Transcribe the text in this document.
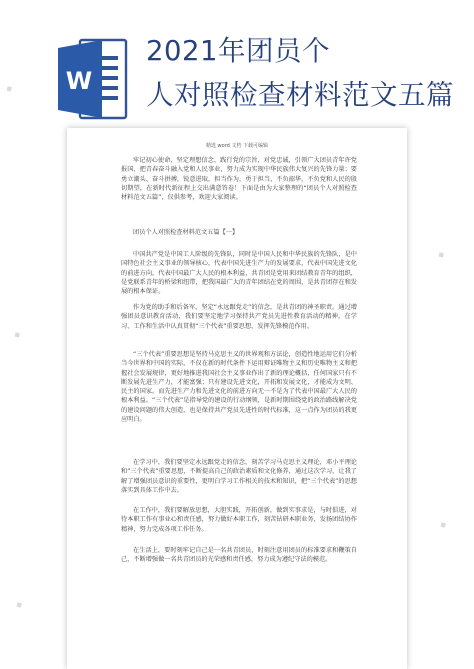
◆
◆
◆
◆
◆
W
2021年团员个
人对照检查材料范文五篇
精选 word 文档 下载可编辑

牢记初心使命、坚定理想信念、践行党的宗旨，对党忠诚，引领广大团员青年许党报国、把青春奋斗融入党和人民事业，努力成为实现中华民族伟大复兴的先锋力量；要勇立潮头、奋斗拼搏，锐意进取，担当作为，勇于担当，不负韶华，不负党和人民的殷切期望，在新时代新征程上交出满意答卷！下面是由为大家整理的“团员个人对照检查材料范文五篇”，仅供参考，欢迎大家阅读。

团员个人对照检查材料范文五篇【一】

中国共产党是中国工人阶级的先锋队，同时是中国人民和中华民族的先锋队，是中国特色社会主义事业的领导核心，代表中国先进生产力的发展要求，代表中国先进文化的前进方向，代表中国最广大人民的根本利益，共青团是党用来团结教育青年的组织，是党联系青年的桥梁和纽带，把我国最广大的青年团结在党的周围，是共青团存在和发展的根本保证。

作为党的助手和后备军，坚定“永远跟党走”的信念，是共青团的神圣职责。通过增强团员意识教育活动，我们要坚定地学习保持共产党员先进性教育活动的精神，在学习、工作和生活中认真贯彻“三个代表”重要思想，发挥先锋模范作用。

“三个代表”重要思想是坚持马克思主义的世界观和方法论，创造性地运用它们分析当今世界和中国的实际，不仅在新的时代条件下运用辩证唯物主义和历史唯物主义和把握社会发展规律，更好地推进我国社会主义事业作出了新的理论概括，任何国家只有不断发展先进生产力，才能富强；只有建设先进文化，开拓和发展文化，才能成为文明、民主的国家。而先进生产力和先进文化的前进方向无一不是为了代表中国最广大人民的根本利益。“三个代表”是指导党的建设的行动纲领，是新时期围绕党的政治路线解决党的建设问题的伟大创造，也是保持共产党员先进性的时代标准，这一点作为团员的我更应明白。

在学习中，我们要坚定永远跟党走的信念，刻苦学习马克思主义理论，邓小平理论和“三个代表”重要思想，不断提高自己的政治素质和文化修养，通过这次学习，让我了解了增强团员意识的重要性，更明白学习工作相关的技术和知识，把“三个代表”的思想落实到具体工作中去。

在工作中，我们要解放思想，大胆实践，开拓创新，做到实事求是，与时俱进，对待本职工作有事业心和责任感，努力做好本职工作，刻苦钻研本职业务，发扬团结协作精神，努力完成各项工作任务。

在生活上，要时刻牢记自己是一名共青团员，时刻注意用团员的标准要求和鞭策自己，不断增强做一名共青团员的光荣感和责任感，努力成为遵纪守法的模范。
